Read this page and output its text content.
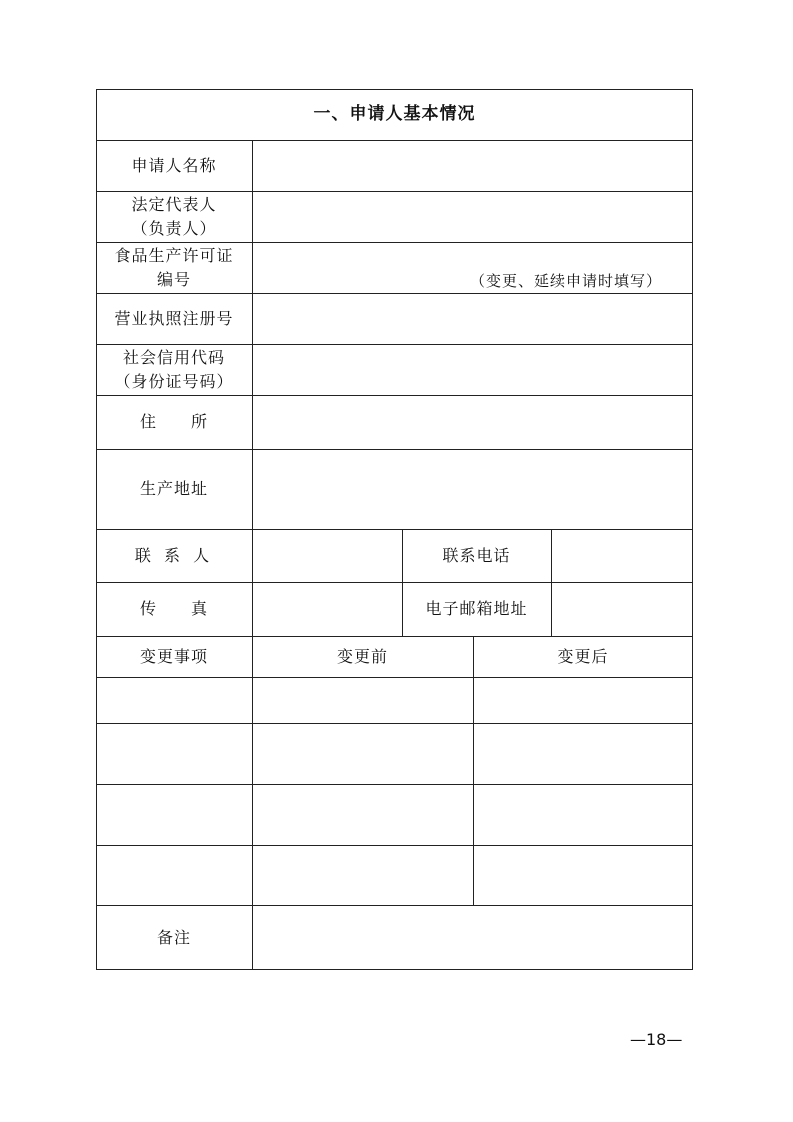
一、申请人基本情况
申请人名称
法定代表人
（负责人）
食品生产许可证
编号	（变更、延续申请时填写）
营业执照注册号
社会信用代码
（身份证号码）
住　　所
生产地址
联 系 人	联系电话
传　　真	电子邮箱地址
变更事项	变更前	变更后
备注
—18—
